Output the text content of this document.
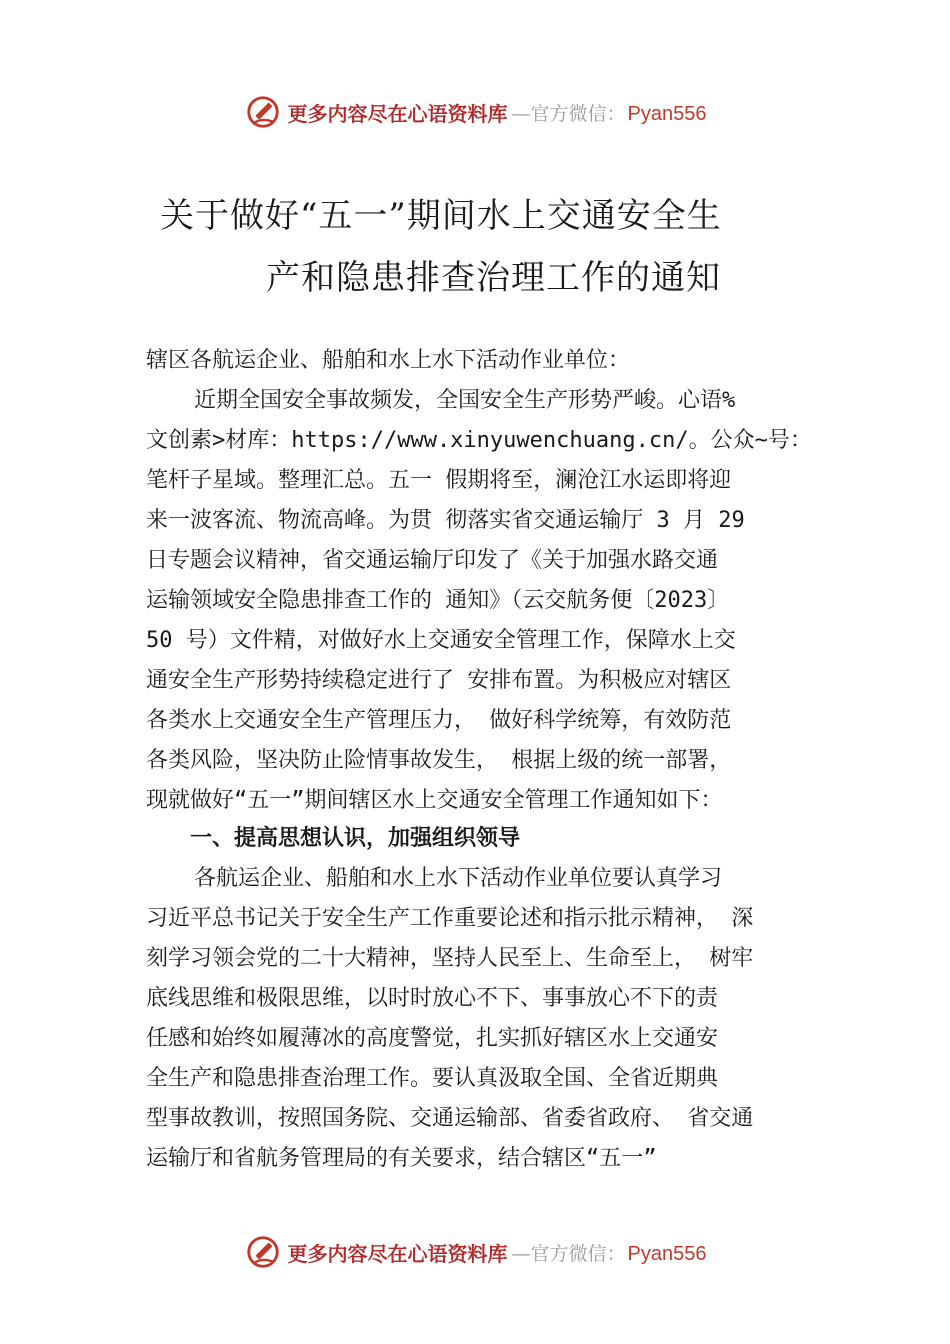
更多内容尽在心语资料库 —官方微信： Pyan556
关于做好“五一”期间水上交通安全生
产和隐患排查治理工作的通知
辖区各航运企业、船舶和水上水下活动作业单位：
近期全国安全事故频发，全国安全生产形势严峻。心语%
文创素>材库：https://www.xinyuwenchuang.cn/。公众~号：
笔杆子星域。整理汇总。五一 假期将至，澜沧江水运即将迎
来一波客流、物流高峰。为贯 彻落实省交通运输厅 3 月 29
日专题会议精神，省交通运输厅印发了《关于加强水路交通
运输领域安全隐患排查工作的 通知》（云交航务便〔2023〕
50 号）文件精，对做好水上交通安全管理工作，保障水上交
通安全生产形势持续稳定进行了 安排布置。为积极应对辖区
各类水上交通安全生产管理压力， 做好科学统筹，有效防范
各类风险，坚决防止险情事故发生， 根据上级的统一部署，
现就做好“五一”期间辖区水上交通安全管理工作通知如下：
一、提高思想认识，加强组织领导
各航运企业、船舶和水上水下活动作业单位要认真学习
习近平总书记关于安全生产工作重要论述和指示批示精神， 深
刻学习领会党的二十大精神，坚持人民至上、生命至上， 树牢
底线思维和极限思维，以时时放心不下、事事放心不下的责
任感和始终如履薄冰的高度警觉，扎实抓好辖区水上交通安
全生产和隐患排查治理工作。要认真汲取全国、全省近期典
型事故教训，按照国务院、交通运输部、省委省政府、 省交通
运输厅和省航务管理局的有关要求，结合辖区“五一”
更多内容尽在心语资料库 —官方微信： Pyan556
